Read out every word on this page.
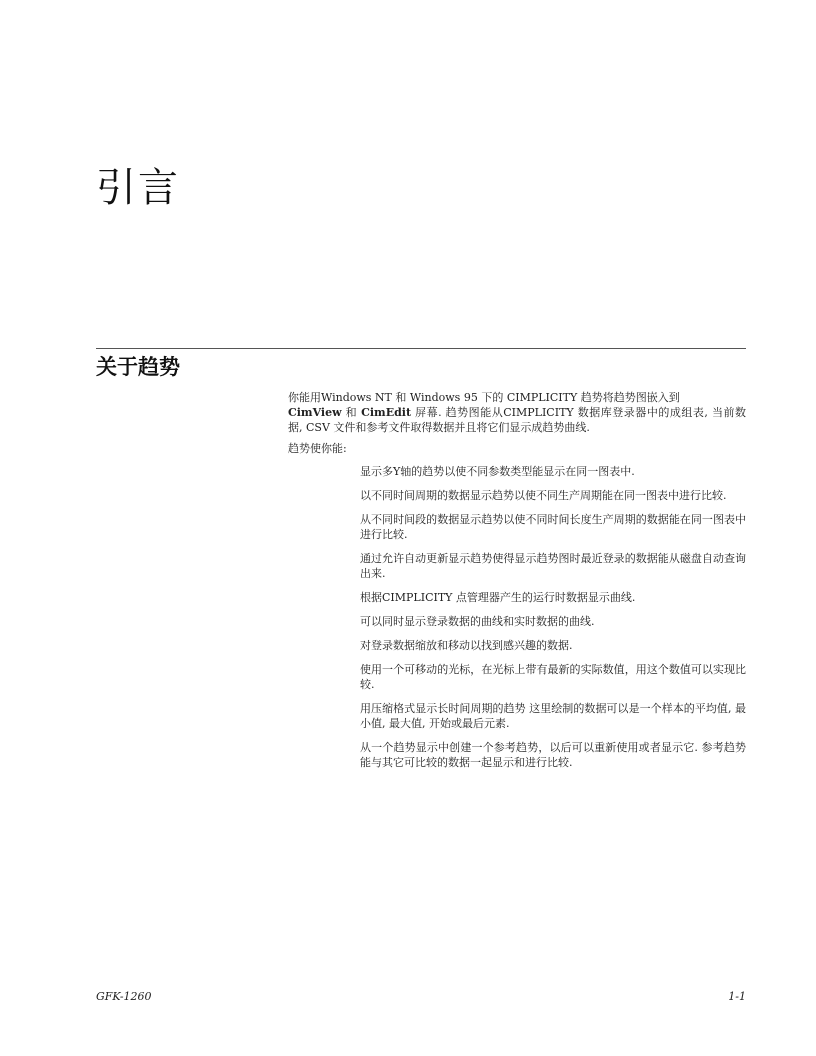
引言
关于趋势

你能用Windows NT 和 Windows 95 下的 CIMPLICITY 趋势将趋势图嵌入到
CimView 和 CimEdit 屏幕. 趋势图能从CIMPLICITY 数据库登录器中的成组表, 当前数据, CSV 文件和参考文件取得数据并且将它们显示成趋势曲线.

趋势使你能:

显示多Y轴的趋势以使不同参数类型能显示在同一图表中.
以不同时间周期的数据显示趋势以使不同生产周期能在同一图表中进行比较.
从不同时间段的数据显示趋势以使不同时间长度生产周期的数据能在同一图表中进行比较.
通过允许自动更新显示趋势使得显示趋势图时最近登录的数据能从磁盘自动查询出来.
根据CIMPLICITY 点管理器产生的运行时数据显示曲线.
可以同时显示登录数据的曲线和实时数据的曲线.
对登录数据缩放和移动以找到感兴趣的数据.
使用一个可移动的光标，在光标上带有最新的实际数值，用这个数值可以实现比较.
用压缩格式显示长时间周期的趋势 这里绘制的数据可以是一个样本的平均值, 最小值, 最大值, 开始或最后元素.
从一个趋势显示中创建一个参考趋势，以后可以重新使用或者显示它. 参考趋势能与其它可比较的数据一起显示和进行比较.
GFK-1260	1-1
